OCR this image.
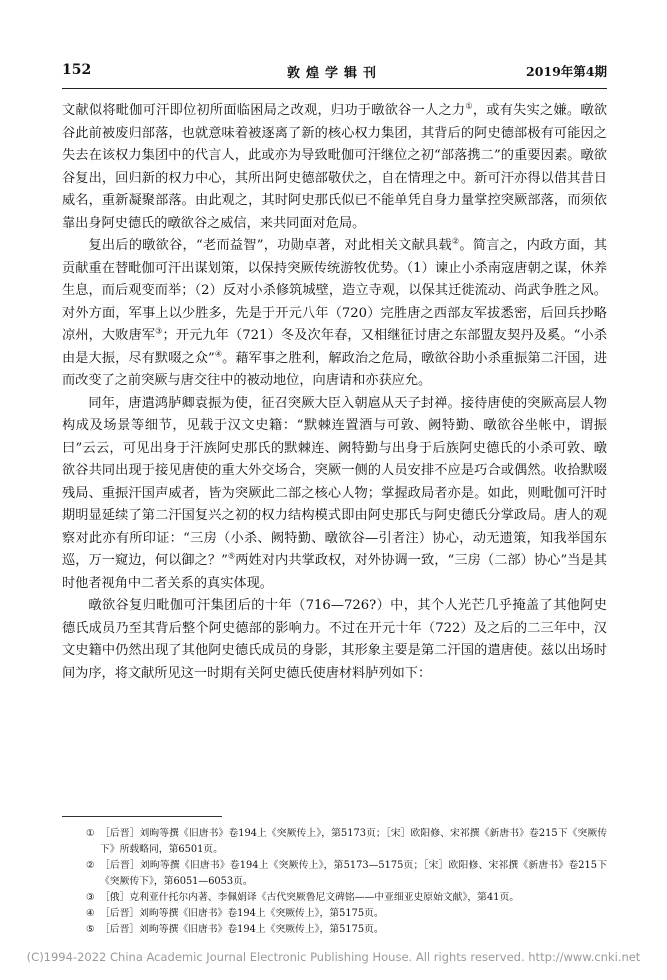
152	敦煌学辑刊	2019年第4期

文献似将毗伽可汗即位初所面临困局之改观，归功于暾欲谷一人之力①，或有失实之嫌。暾欲谷此前被废归部落，也就意味着被逐离了新的核心权力集团，其背后的阿史德部极有可能因之失去在该权力集团中的代言人，此或亦为导致毗伽可汗继位之初“部落携二”的重要因素。暾欲谷复出，回归新的权力中心，其所出阿史德部敬伏之，自在情理之中。新可汗亦得以借其昔日威名，重新凝聚部落。由此观之，其时阿史那氏似已不能单凭自身力量掌控突厥部落，而须依靠出身阿史德氏的暾欲谷之威信，来共同面对危局。

复出后的暾欲谷，“老而益智”，功勋卓著，对此相关文献具载②。简言之，内政方面，其贡献重在替毗伽可汗出谋划策，以保持突厥传统游牧优势。（1）谏止小杀南寇唐朝之谋，休养生息，而后观变而举；（2）反对小杀修筑城壁，造立寺观，以保其迁徙流动、尚武争胜之风。对外方面，军事上以少胜多，先是于开元八年（720）完胜唐之西部友军拔悉密，后回兵抄略凉州，大败唐军③；开元九年（721）冬及次年春，又相继征讨唐之东部盟友契丹及奚。“小杀由是大振，尽有默啜之众”④。藉军事之胜利，解政治之危局，暾欲谷助小杀重振第二汗国，进而改变了之前突厥与唐交往中的被动地位，向唐请和亦获应允。

同年，唐遣鸿胪卿袁振为使，征召突厥大臣入朝扈从天子封禅。接待唐使的突厥高层人物构成及场景等细节，见载于汉文史籍：“默棘连置酒与可敦、阙特勤、暾欲谷坐帐中，谓振曰”云云，可见出身于汗族阿史那氏的默棘连、阙特勤与出身于后族阿史德氏的小杀可敦、暾欲谷共同出现于接见唐使的重大外交场合，突厥一侧的人员安排不应是巧合或偶然。收拾默啜残局、重振汗国声威者，皆为突厥此二部之核心人物；掌握政局者亦是。如此，则毗伽可汗时期明显延续了第二汗国复兴之初的权力结构模式即由阿史那氏与阿史德氏分掌政局。唐人的观察对此亦有所印证：“三房（小杀、阙特勤、暾欲谷—引者注）协心，动无遗策，知我举国东巡，万一窥边，何以御之？”⑤两姓对内共掌政权，对外协调一致，“三房（二部）协心”当是其时他者视角中二者关系的真实体现。

暾欲谷复归毗伽可汗集团后的十年（716—726?）中，其个人光芒几乎掩盖了其他阿史德氏成员乃至其背后整个阿史德部的影响力。不过在开元十年（722）及之后的二三年中，汉文史籍中仍然出现了其他阿史德氏成员的身影，其形象主要是第二汗国的遣唐使。兹以出场时间为序，将文献所见这一时期有关阿史德氏使唐材料胪列如下：

① ［后晋］刘昫等撰《旧唐书》卷194上《突厥传上》，第5173页；［宋］欧阳修、宋祁撰《新唐书》卷215下《突厥传下》所载略同，第6501页。
② ［后晋］刘昫等撰《旧唐书》卷194上《突厥传上》，第5173—5175页；［宋］欧阳修、宋祁撰《新唐书》卷215下《突厥传下》，第6051—6053页。
③ ［俄］克利亚什托尔内著、李佩娟译《古代突厥鲁尼文碑铭——中亚细亚史原始文献》，第41页。
④ ［后晋］刘昫等撰《旧唐书》卷194上《突厥传上》，第5175页。
⑤ ［后晋］刘昫等撰《旧唐书》卷194上《突厥传上》，第5175页。
(C)1994-2022 China Academic Journal Electronic Publishing House. All rights reserved. http://www.cnki.net
